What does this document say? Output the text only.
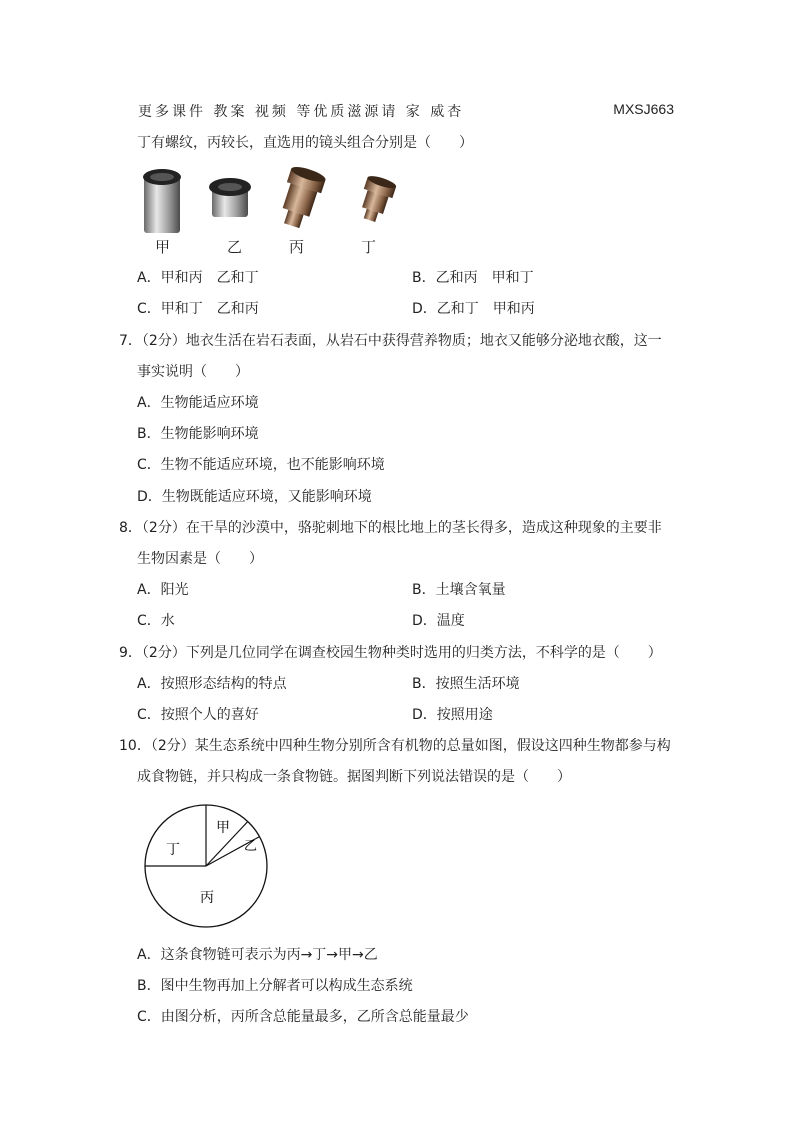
更多课件 教案 视频 等优质滋源请 家 威杏	MXSJ663
丁有螺纹，丙较长，直选用的镜头组合分别是（　　）
甲	乙	丙	丁
A．甲和丙　乙和丁	B．乙和丙　甲和丁
C．甲和丁　乙和丙	D．乙和丁　甲和丙
7．（2分）地衣生活在岩石表面，从岩石中获得营养物质；地衣又能够分泌地衣酸，这一
事实说明（　　）
A．生物能适应环境
B．生物能影响环境
C．生物不能适应环境，也不能影响环境
D．生物既能适应环境，又能影响环境
8．（2分）在干旱的沙漠中，骆驼刺地下的根比地上的茎长得多，造成这种现象的主要非
生物因素是（　　）
A．阳光	B．土壤含氧量
C．水	D．温度
9．（2分）下列是几位同学在调查校园生物种类时选用的归类方法，不科学的是（　　）
A．按照形态结构的特点	B．按照生活环境
C．按照个人的喜好	D．按照用途
10．（2分）某生态系统中四种生物分别所含有机物的总量如图，假设这四种生物都参与构
成食物链，并只构成一条食物链。据图判断下列说法错误的是（　　）
甲
乙
丙
丁
A．这条食物链可表示为丙→丁→甲→乙
B．图中生物再加上分解者可以构成生态系统
C．由图分析，丙所含总能量最多，乙所含总能量最少
